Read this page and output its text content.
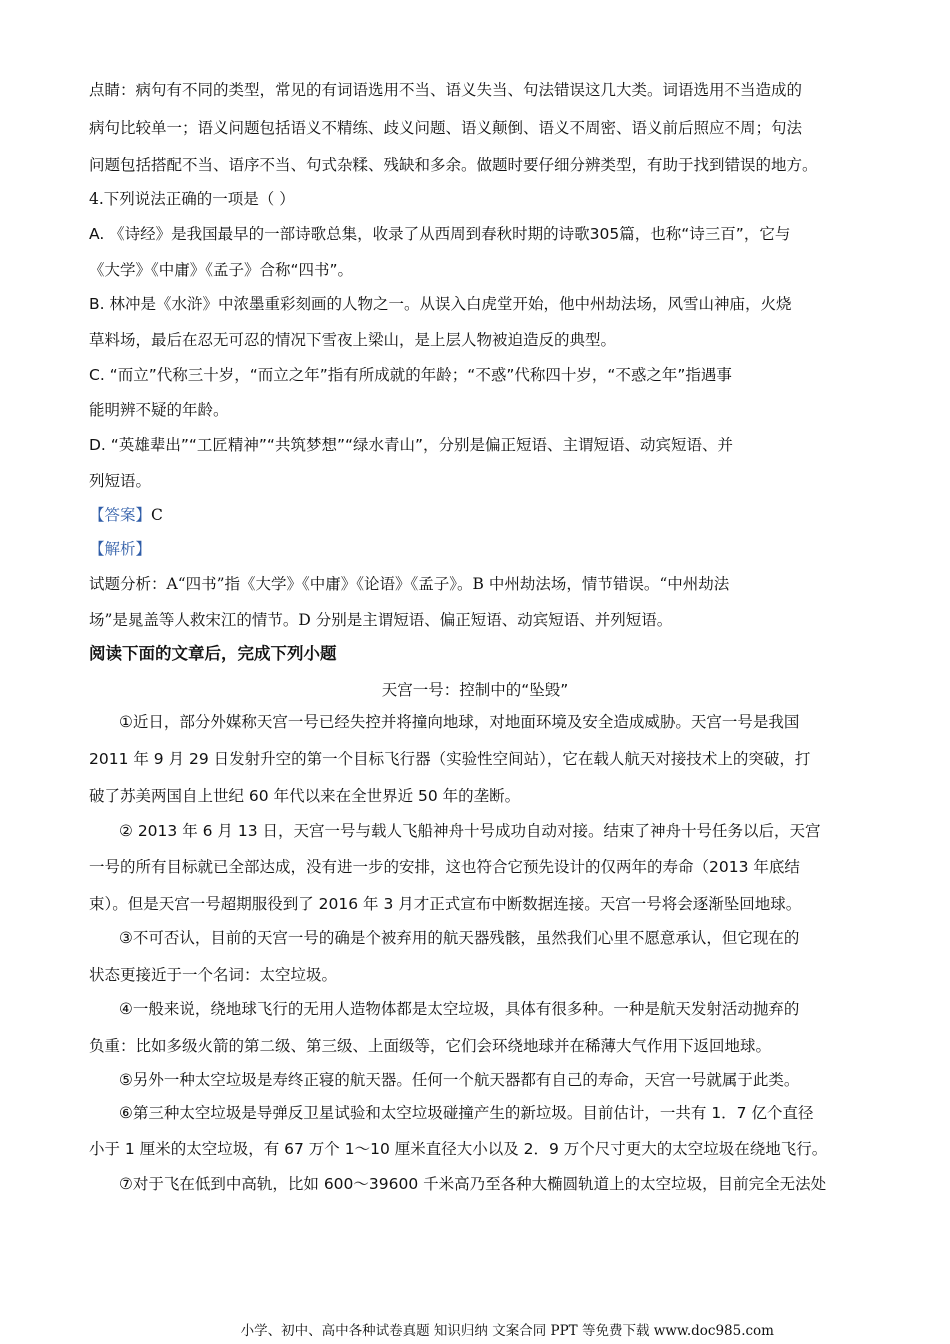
点睛：病句有不同的类型，常见的有词语选用不当、语义失当、句法错误这几大类。词语选用不当造成的
病句比较单一；语义问题包括语义不精练、歧义问题、语义颠倒、语义不周密、语义前后照应不周；句法
问题包括搭配不当、语序不当、句式杂糅、残缺和多余。做题时要仔细分辨类型，有助于找到错误的地方。
4.下列说法正确的一项是（ ）
A. 《诗经》是我国最早的一部诗歌总集，收录了从西周到春秋时期的诗歌305篇，也称“诗三百”，它与
《大学》《中庸》《孟子》合称“四书”。
B. 林冲是《水浒》中浓墨重彩刻画的人物之一。从误入白虎堂开始，他中州劫法场，风雪山神庙，火烧
草料场，最后在忍无可忍的情况下雪夜上梁山，是上层人物被迫造反的典型。
C. “而立”代称三十岁，“而立之年”指有所成就的年龄；“不惑”代称四十岁，“不惑之年”指遇事
能明辨不疑的年龄。
D. “英雄辈出”“工匠精神”“共筑梦想”“绿水青山”，分别是偏正短语、主谓短语、动宾短语、并
列短语。
【答案】C
【解析】
试题分析：A“四书”指《大学》《中庸》《论语》《孟子》。B 中州劫法场，情节错误。“中州劫法
场”是晁盖等人救宋江的情节。D 分别是主谓短语、偏正短语、动宾短语、并列短语。
阅读下面的文章后，完成下列小题
天宫一号：控制中的“坠毁”
①近日，部分外媒称天宫一号已经失控并将撞向地球，对地面环境及安全造成威胁。天宫一号是我国
2011 年 9 月 29 日发射升空的第一个目标飞行器（实验性空间站），它在载人航天对接技术上的突破，打
破了苏美两国自上世纪 60 年代以来在全世界近 50 年的垄断。
② 2013 年 6 月 13 日，天宫一号与载人飞船神舟十号成功自动对接。结束了神舟十号任务以后，天宫
一号的所有目标就已全部达成，没有进一步的安排，这也符合它预先设计的仅两年的寿命（2013 年底结
束）。但是天宫一号超期服役到了 2016 年 3 月才正式宣布中断数据连接。天宫一号将会逐渐坠回地球。
③不可否认，目前的天宫一号的确是个被弃用的航天器残骸，虽然我们心里不愿意承认，但它现在的
状态更接近于一个名词：太空垃圾。
④一般来说，绕地球飞行的无用人造物体都是太空垃圾，具体有很多种。一种是航天发射活动抛弃的
负重：比如多级火箭的第二级、第三级、上面级等，它们会环绕地球并在稀薄大气作用下返回地球。
⑤另外一种太空垃圾是寿终正寝的航天器。任何一个航天器都有自己的寿命，天宫一号就属于此类。
⑥第三种太空垃圾是导弹反卫星试验和太空垃圾碰撞产生的新垃圾。目前估计，一共有 1．7 亿个直径
小于 1 厘米的太空垃圾，有 67 万个 1～10 厘米直径大小以及 2．9 万个尺寸更大的太空垃圾在绕地飞行。
⑦对于飞在低到中高轨，比如 600～39600 千米高乃至各种大椭圆轨道上的太空垃圾，目前完全无法处
小学、初中、高中各种试卷真题 知识归纳 文案合同 PPT 等免费下载 www.doc985.com
